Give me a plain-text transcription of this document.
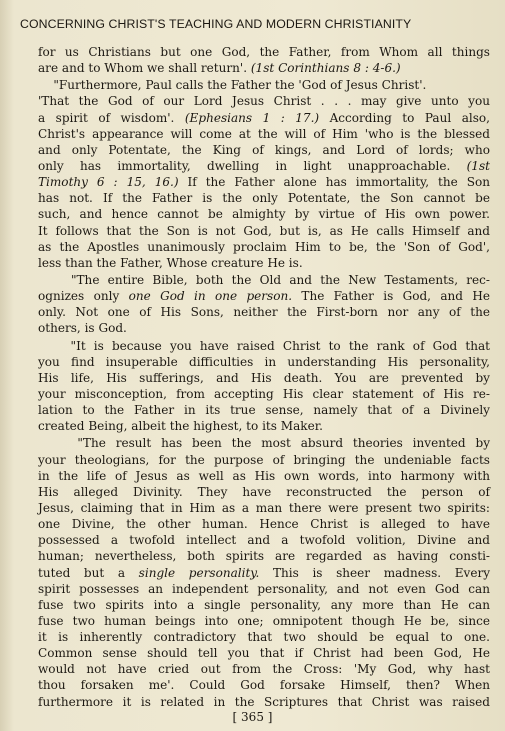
CONCERNING CHRIST'S TEACHING AND MODERN CHRISTIANITY
for us Christians but one God, the Father, from Whom all things
are and to Whom we shall return'. (1st Corinthians 8 : 4-6.)
"Furthermore, Paul calls the Father the 'God of Jesus Christ'.
'That the God of our Lord Jesus Christ . . . may give unto you
a spirit of wisdom'. (Ephesians 1 : 17.) According to Paul also,
Christ's appearance will come at the will of Him 'who is the blessed
and only Potentate, the King of kings, and Lord of lords; who
only has immortality, dwelling in light unapproachable. (1st
Timothy 6 : 15, 16.) If the Father alone has immortality, the Son
has not. If the Father is the only Potentate, the Son cannot be
such, and hence cannot be almighty by virtue of His own power.
It follows that the Son is not God, but is, as He calls Himself and
as the Apostles unanimously proclaim Him to be, the 'Son of God',
less than the Father, Whose creature He is.
"The entire Bible, both the Old and the New Testaments, rec-
ognizes only one God in one person. The Father is God, and He
only. Not one of His Sons, neither the First-born nor any of the
others, is God.
"It is because you have raised Christ to the rank of God that
you find insuperable difficulties in understanding His personality,
His life, His sufferings, and His death. You are prevented by
your misconception, from accepting His clear statement of His re-
lation to the Father in its true sense, namely that of a Divinely
created Being, albeit the highest, to its Maker.
"The result has been the most absurd theories invented by
your theologians, for the purpose of bringing the undeniable facts
in the life of Jesus as well as His own words, into harmony with
His alleged Divinity. They have reconstructed the person of
Jesus, claiming that in Him as a man there were present two spirits:
one Divine, the other human. Hence Christ is alleged to have
possessed a twofold intellect and a twofold volition, Divine and
human; nevertheless, both spirits are regarded as having consti-
tuted but a single personality. This is sheer madness. Every
spirit possesses an independent personality, and not even God can
fuse two spirits into a single personality, any more than He can
fuse two human beings into one; omnipotent though He be, since
it is inherently contradictory that two should be equal to one.
Common sense should tell you that if Christ had been God, He
would not have cried out from the Cross: 'My God, why hast
thou forsaken me'. Could God forsake Himself, then? When
furthermore it is related in the Scriptures that Christ was raised
[ 365 ]
